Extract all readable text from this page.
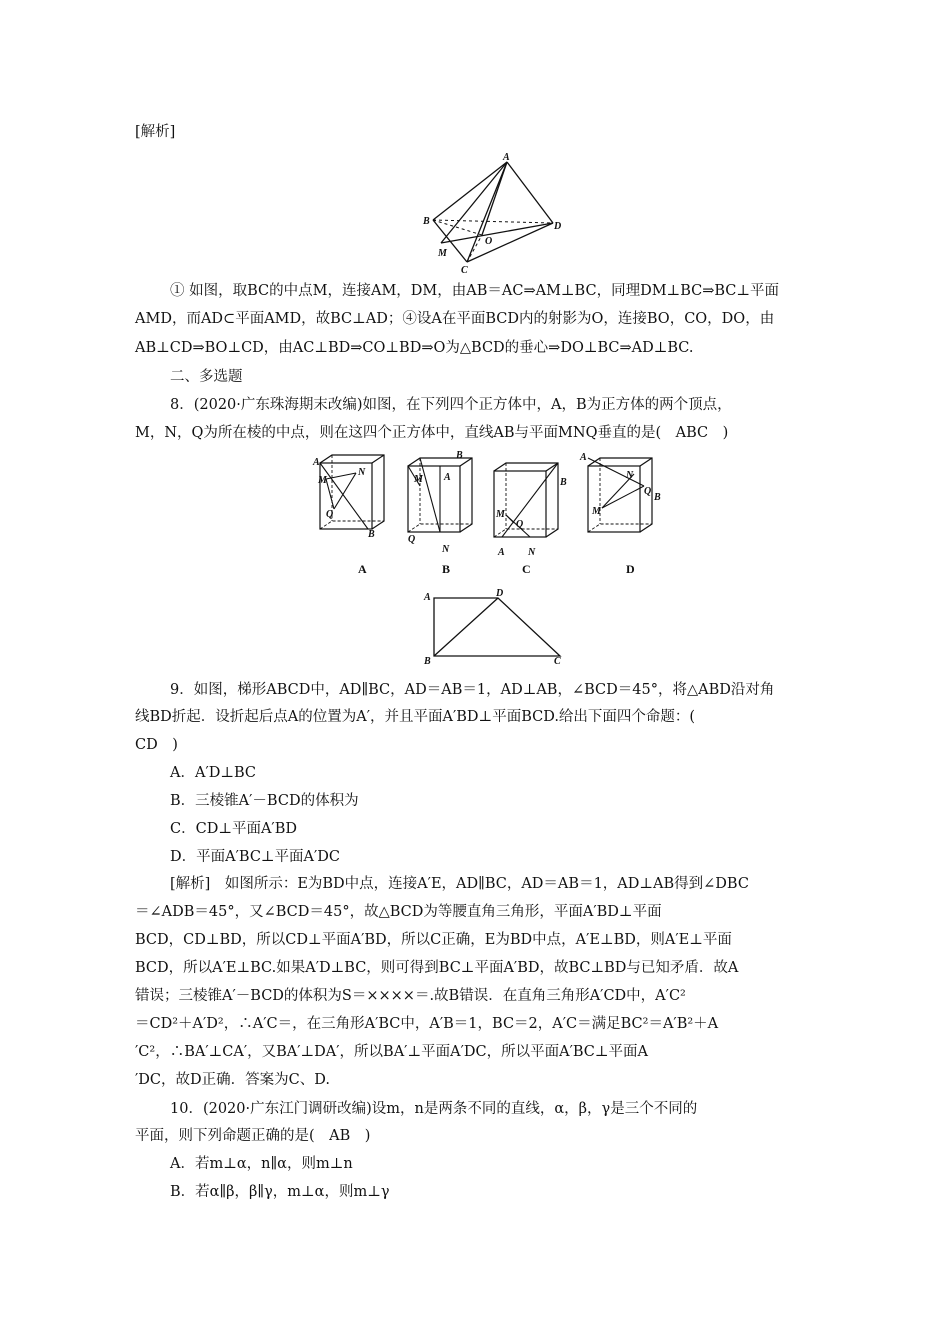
[解析]
A
B	D
M
O
C
① 如图，取BC的中点M，连接AM，DM，由AB＝AC⇒AM⊥BC，同理DM⊥BC⇒BC⊥平面
AMD，而AD⊂平面AMD，故BC⊥AD；④设A在平面BCD内的射影为O，连接BO，CO，DO，由
AB⊥CD⇒BO⊥CD，由AC⊥BD⇒CO⊥BD⇒O为△BCD的垂心⇒DO⊥BC⇒AD⊥BC.
二、多选题
8．(2020·广东珠海期末改编)如图，在下列四个正方体中，A，B为正方体的两个顶点，
M，N，Q为所在棱的中点，则在这四个正方体中，直线AB与平面MNQ垂直的是(　ABC　)
A
M
N
Q
B
B
M A
Q
N
B
M
Q
A N
A
N
Q
B
M
A	B	C	D
A	D
B	C
9．如图，梯形ABCD中，AD∥BC，AD＝AB＝1，AD⊥AB，∠BCD＝45°，将△ABD沿对角
线BD折起．设折起后点A的位置为A′，并且平面A′BD⊥平面BCD.给出下面四个命题：(
CD　)
A．A′D⊥BC
B．三棱锥A′－BCD的体积为
C．CD⊥平面A′BD
D．平面A′BC⊥平面A′DC
[解析]　如图所示：E为BD中点，连接A′E，AD∥BC，AD＝AB＝1，AD⊥AB得到∠DBC
＝∠ADB＝45°，又∠BCD＝45°，故△BCD为等腰直角三角形，平面A′BD⊥平面
BCD，CD⊥BD，所以CD⊥平面A′BD，所以C正确，E为BD中点，A′E⊥BD，则A′E⊥平面
BCD，所以A′E⊥BC.如果A′D⊥BC，则可得到BC⊥平面A′BD，故BC⊥BD与已知矛盾．故A
错误；三棱锥A′－BCD的体积为S＝××××＝.故B错误．在直角三角形A′CD中，A′C²
＝CD²＋A′D²，∴A′C＝，在三角形A′BC中，A′B＝1，BC＝2，A′C＝满足BC²＝A′B²＋A
′C²，∴BA′⊥CA′，又BA′⊥DA′，所以BA′⊥平面A′DC，所以平面A′BC⊥平面A
′DC，故D正确．答案为C、D.
10．(2020·广东江门调研改编)设m，n是两条不同的直线，α，β，γ是三个不同的
平面，则下列命题正确的是(　AB　)
A．若m⊥α，n∥α，则m⊥n
B．若α∥β，β∥γ，m⊥α，则m⊥γ
